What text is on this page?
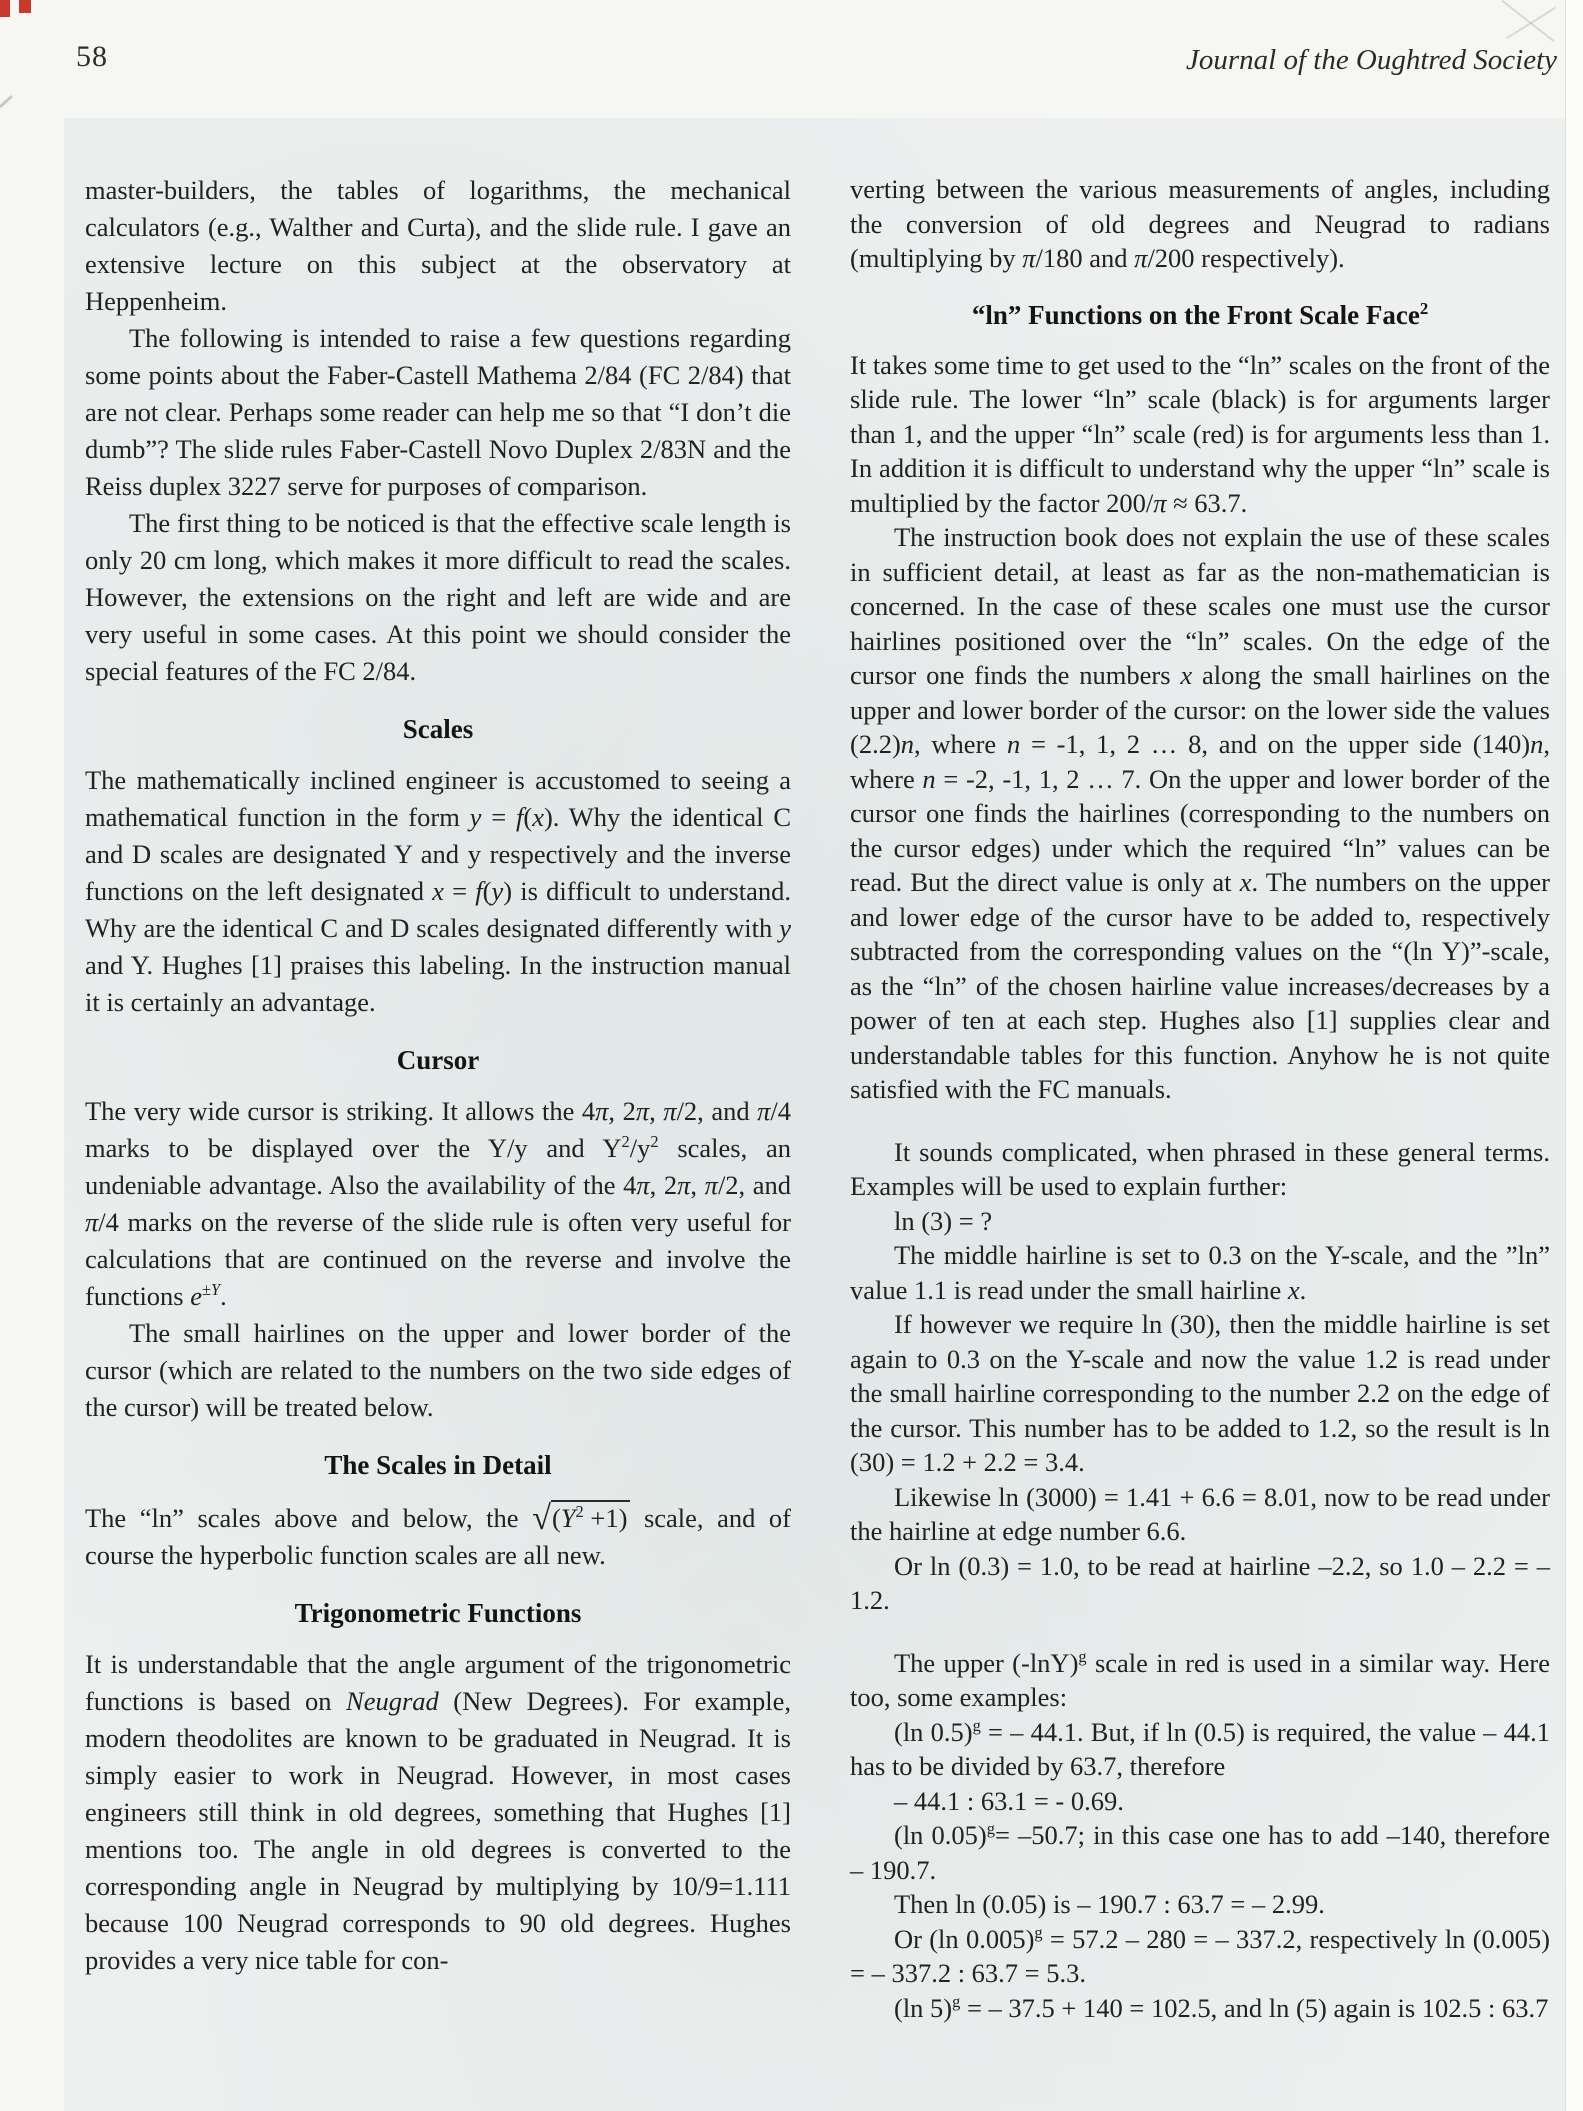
58	Journal of the Oughtred Society

master-builders, the tables of logarithms, the mechanical calculators (e.g., Walther and Curta), and the slide rule. I gave an extensive lecture on this subject at the observatory at Heppenheim.

The following is intended to raise a few questions regarding some points about the Faber-Castell Mathema 2/84 (FC 2/84) that are not clear. Perhaps some reader can help me so that “I don’t die dumb”? The slide rules Faber-Castell Novo Duplex 2/83N and the Reiss duplex 3227 serve for purposes of comparison.

The first thing to be noticed is that the effective scale length is only 20 cm long, which makes it more difficult to read the scales. However, the extensions on the right and left are wide and are very useful in some cases. At this point we should consider the special features of the FC 2/84.

Scales

The mathematically inclined engineer is accustomed to seeing a mathematical function in the form y = f(x). Why the identical C and D scales are designated Y and y respectively and the inverse functions on the left designated x = f(y) is difficult to understand. Why are the identical C and D scales designated differently with y and Y. Hughes [1] praises this labeling. In the instruction manual it is certainly an advantage.

Cursor

The very wide cursor is striking. It allows the 4π, 2π, π/2, and π/4 marks to be displayed over the Y/y and $Y^2/y^2$ scales, an undeniable advantage. Also the availability of the 4π, 2π, π/2, and π/4 marks on the reverse of the slide rule is often very useful for calculations that are continued on the reverse and involve the functions $e^{\pm Y}$.

The small hairlines on the upper and lower border of the cursor (which are related to the numbers on the two side edges of the cursor) will be treated below.

The Scales in Detail

The “ln” scales above and below, the $√(Y^2 +1)$ scale, and of course the hyperbolic function scales are all new.

Trigonometric Functions

It is understandable that the angle argument of the trigonometric functions is based on Neugrad (New Degrees). For example, modern theodolites are known to be graduated in Neugrad. It is simply easier to work in Neugrad. However, in most cases engineers still think in old degrees, something that Hughes [1] mentions too. The angle in old degrees is converted to the corresponding angle in Neugrad by multiplying by 10/9=1.111 because 100 Neugrad corresponds to 90 old degrees. Hughes provides a very nice table for con-

verting between the various measurements of angles, including the conversion of old degrees and Neugrad to radians (multiplying by π/180 and π/200 respectively).

“ln” Functions on the Front Scale Face$^2$

It takes some time to get used to the “ln” scales on the front of the slide rule. The lower “ln” scale (black) is for arguments larger than 1, and the upper “ln” scale (red) is for arguments less than 1. In addition it is difficult to understand why the upper “ln” scale is multiplied by the factor 200/π ≈ 63.7.

The instruction book does not explain the use of these scales in sufficient detail, at least as far as the non-mathematician is concerned. In the case of these scales one must use the cursor hairlines positioned over the “ln” scales. On the edge of the cursor one finds the numbers x along the small hairlines on the upper and lower border of the cursor: on the lower side the values (2.2)n, where n = -1, 1, 2 … 8, and on the upper side (140)n, where n = -2, -1, 1, 2 … 7. On the upper and lower border of the cursor one finds the hairlines (corresponding to the numbers on the cursor edges) under which the required “ln” values can be read. But the direct value is only at x. The numbers on the upper and lower edge of the cursor have to be added to, respectively subtracted from the corresponding values on the “(ln Y)”-scale, as the “ln” of the chosen hairline value increases/decreases by a power of ten at each step. Hughes also [1] supplies clear and understandable tables for this function. Anyhow he is not quite satisfied with the FC manuals.

It sounds complicated, when phrased in these general terms. Examples will be used to explain further:

ln (3) = ?

The middle hairline is set to 0.3 on the Y-scale, and the ”ln” value 1.1 is read under the small hairline x.

If however we require ln (30), then the middle hairline is set again to 0.3 on the Y-scale and now the value 1.2 is read under the small hairline corresponding to the number 2.2 on the edge of the cursor. This number has to be added to 1.2, so the result is ln (30) = 1.2 + 2.2 = 3.4.

Likewise ln (3000) = 1.41 + 6.6 = 8.01, now to be read under the hairline at edge number 6.6.

Or ln (0.3) = 1.0, to be read at hairline –2.2, so 1.0 – 2.2 = –1.2.

The upper $(-\ln Y)^g$ scale in red is used in a similar way. Here too, some examples:

(ln 0.5)$^g$ = – 44.1. But, if ln (0.5) is required, the value – 44.1 has to be divided by 63.7, therefore

– 44.1 : 63.1 = - 0.69.

(ln 0.05)$^g$= –50.7; in this case one has to add –140, therefore – 190.7.

Then ln (0.05) is – 190.7 : 63.7 = – 2.99.

Or (ln 0.005)$^g$ = 57.2 – 280 = – 337.2, respectively ln (0.005) = – 337.2 : 63.7 = 5.3.

(ln 5)$^g$ = – 37.5 + 140 = 102.5, and ln (5) again is 102.5 : 63.7
